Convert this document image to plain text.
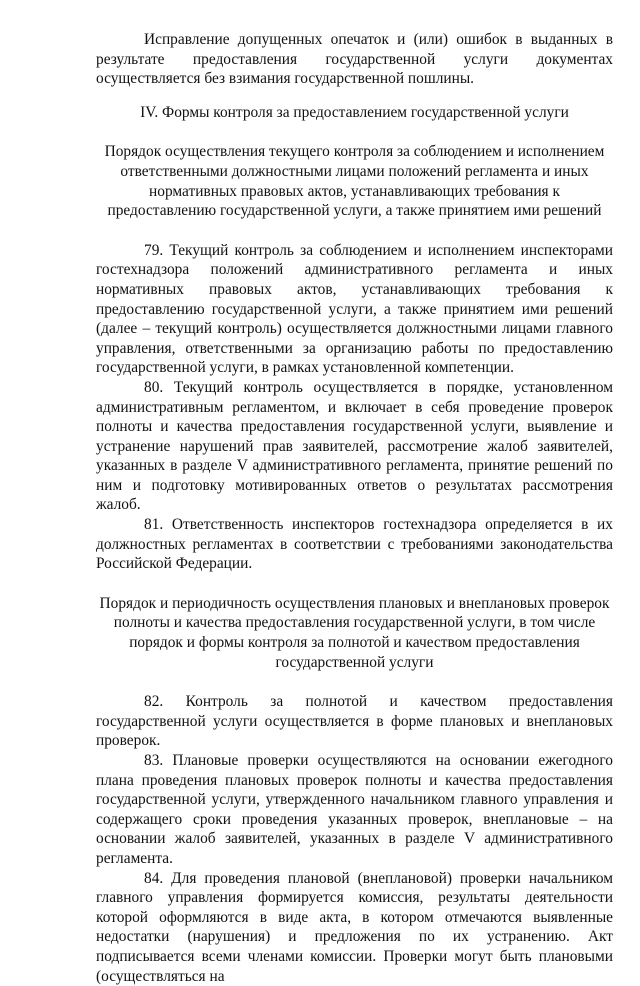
Исправление допущенных опечаток и (или) ошибок в выданных в результате предоставления государственной услуги документах осуществляется без взимания государственной пошлины.

IV. Формы контроля за предоставлением государственной услуги

Порядок осуществления текущего контроля за соблюдением и исполнением ответственными должностными лицами положений регламента и иных нормативных правовых актов, устанавливающих требования к предоставлению государственной услуги, а также принятием ими решений

79. Текущий контроль за соблюдением и исполнением инспекторами гостехнадзора положений административного регламента и иных нормативных правовых актов, устанавливающих требования к предоставлению государственной услуги, а также принятием ими решений (далее – текущий контроль) осуществляется должностными лицами главного управления, ответственными за организацию работы по предоставлению государственной услуги, в рамках установленной компетенции.

80. Текущий контроль осуществляется в порядке, установленном административным регламентом, и включает в себя проведение проверок полноты и качества предоставления государственной услуги, выявление и устранение нарушений прав заявителей, рассмотрение жалоб заявителей, указанных в разделе V административного регламента, принятие решений по ним и подготовку мотивированных ответов о результатах рассмотрения жалоб.

81. Ответственность инспекторов гостехнадзора определяется в их должностных регламентах в соответствии с требованиями законодательства Российской Федерации.

Порядок и периодичность осуществления плановых и внеплановых проверок полноты и качества предоставления государственной услуги, в том числе порядок и формы контроля за полнотой и качеством предоставления государственной услуги

82. Контроль за полнотой и качеством предоставления государственной услуги осуществляется в форме плановых и внеплановых проверок.

83. Плановые проверки осуществляются на основании ежегодного плана проведения плановых проверок полноты и качества предоставления государственной услуги, утвержденного начальником главного управления и содержащего сроки проведения указанных проверок, внеплановые – на основании жалоб заявителей, указанных в разделе V административного регламента.

84. Для проведения плановой (внеплановой) проверки начальником главного управления формируется комиссия, результаты деятельности которой оформляются в виде акта, в котором отмечаются выявленные недостатки (нарушения) и предложения по их устранению. Акт подписывается всеми членами комиссии. Проверки могут быть плановыми (осуществляться на
